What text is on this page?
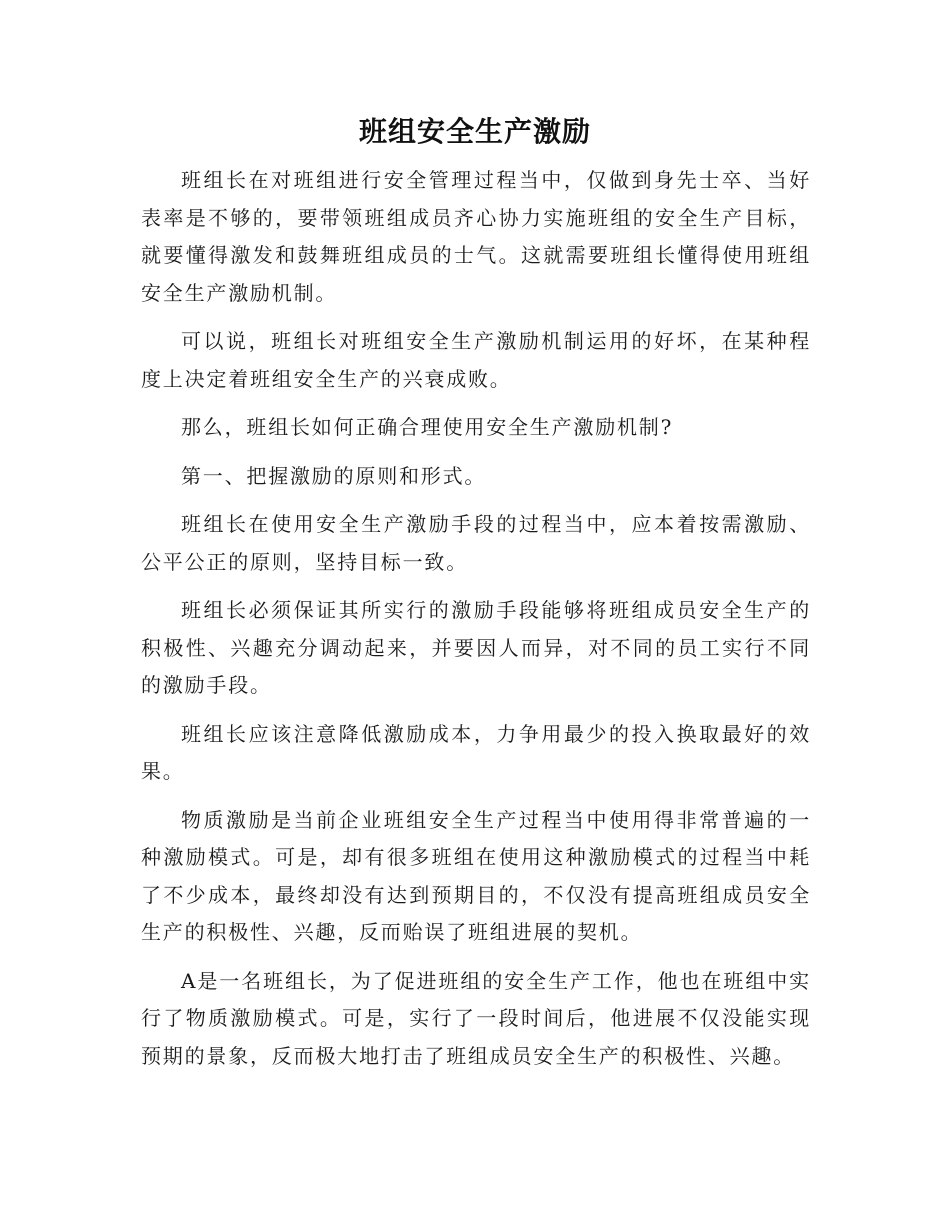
班组安全生产激励

班组长在对班组进行安全管理过程当中，仅做到身先士卒、当好表率是不够的，要带领班组成员齐心协力实施班组的安全生产目标，就要懂得激发和鼓舞班组成员的士气。这就需要班组长懂得使用班组安全生产激励机制。

可以说，班组长对班组安全生产激励机制运用的好坏，在某种程度上决定着班组安全生产的兴衰成败。

那么，班组长如何正确合理使用安全生产激励机制?

第一、把握激励的原则和形式。

班组长在使用安全生产激励手段的过程当中，应本着按需激励、公平公正的原则，坚持目标一致。

班组长必须保证其所实行的激励手段能够将班组成员安全生产的积极性、兴趣充分调动起来，并要因人而异，对不同的员工实行不同的激励手段。

班组长应该注意降低激励成本，力争用最少的投入换取最好的效果。

物质激励是当前企业班组安全生产过程当中使用得非常普遍的一种激励模式。可是，却有很多班组在使用这种激励模式的过程当中耗了不少成本，最终却没有达到预期目的，不仅没有提高班组成员安全生产的积极性、兴趣，反而贻误了班组进展的契机。

A是一名班组长，为了促进班组的安全生产工作，他也在班组中实行了物质激励模式。可是，实行了一段时间后，他进展不仅没能实现预期的景象，反而极大地打击了班组成员安全生产的积极性、兴趣。
